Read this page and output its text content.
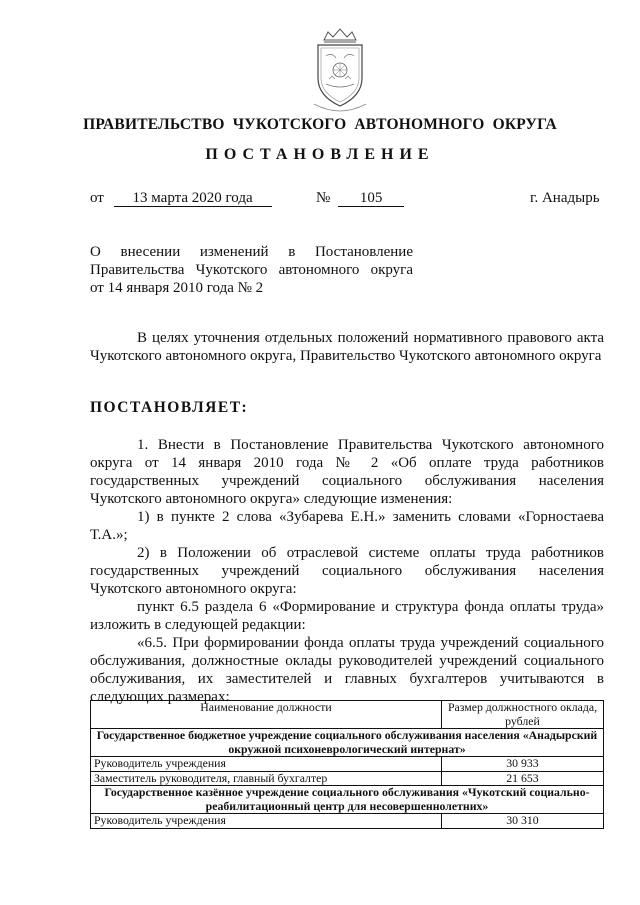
ПРАВИТЕЛЬСТВО ЧУКОТСКОГО АВТОНОМНОГО ОКРУГА
ПОСТАНОВЛЕНИЕ
от 13 марта 2020 года	№ 105	г. Анадырь
О внесении изменений в Постановление
Правительства Чукотского автономного округа
от 14 января 2010 года № 2
В целях уточнения отдельных положений нормативного правового акта Чукотского автономного округа, Правительство Чукотского автономного округа
ПОСТАНОВЛЯЕТ:
1. Внести в Постановление Правительства Чукотского автономного округа от 14 января 2010 года № 2 «Об оплате труда работников государственных учреждений социального обслуживания населения Чукотского автономного округа» следующие изменения:
1) в пункте 2 слова «Зубарева Е.Н.» заменить словами «Горностаева Т.А.»;
2) в Положении об отраслевой системе оплаты труда работников государственных учреждений социального обслуживания населения Чукотского автономного округа:
пункт 6.5 раздела 6 «Формирование и структура фонда оплаты труда» изложить в следующей редакции:
«6.5. При формировании фонда оплаты труда учреждений социального обслуживания, должностные оклады руководителей учреждений социального обслуживания, их заместителей и главных бухгалтеров учитываются в следующих размерах:
Наименование должности	Размер должностного оклада, рублей
Государственное бюджетное учреждение социального обслуживания населения «Анадырский окружной психоневрологический интернат»	
Руководитель учреждения	30 933
Заместитель руководителя, главный бухгалтер	21 653
Государственное казённое учреждение социального обслуживания «Чукотский социально-реабилитационный центр для несовершеннолетних»	
Руководитель учреждения	30 310
